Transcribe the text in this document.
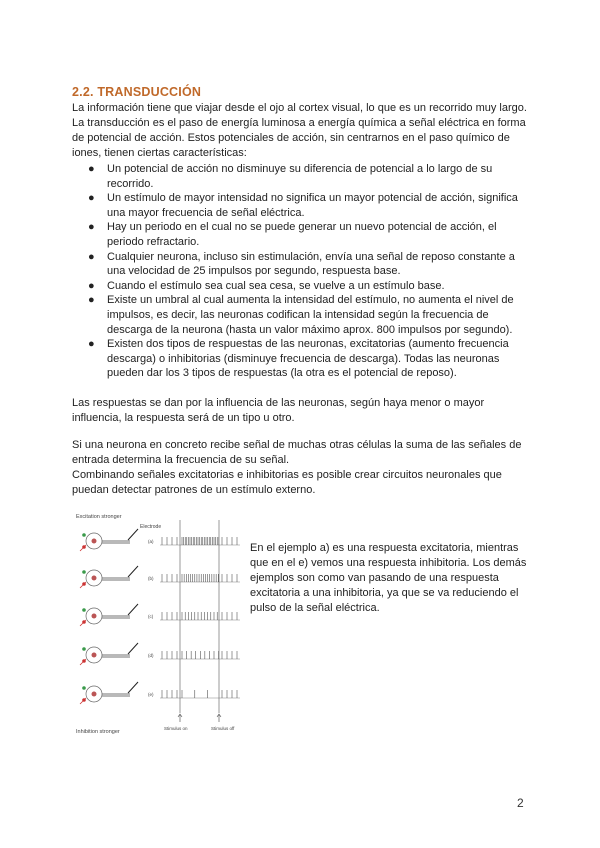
2.2. TRANSDUCCIÓN
La información tiene que viajar desde el ojo al cortex visual, lo que es un recorrido muy largo. La transducción es el paso de energía luminosa a energía química a señal eléctrica en forma de potencial de acción. Estos potenciales de acción, sin centrarnos en el paso químico de iones, tienen ciertas características:
● Un potencial de acción no disminuye su diferencia de potencial a lo largo de su recorrido.
● Un estímulo de mayor intensidad no significa un mayor potencial de acción, significa una mayor frecuencia de señal eléctrica.
● Hay un periodo en el cual no se puede generar un nuevo potencial de acción, el periodo refractario.
● Cualquier neurona, incluso sin estimulación, envía una señal de reposo constante a una velocidad de 25 impulsos por segundo, respuesta base.
● Cuando el estímulo sea cual sea cesa, se vuelve a un estímulo base.
● Existe un umbral al cual aumenta la intensidad del estímulo, no aumenta el nivel de impulsos, es decir, las neuronas codifican la intensidad según la frecuencia de descarga de la neurona (hasta un valor máximo aprox. 800 impulsos por segundo).
● Existen dos tipos de respuestas de las neuronas, excitatorias (aumento frecuencia descarga) o inhibitorias (disminuye frecuencia de descarga). Todas las neuronas pueden dar los 3 tipos de respuestas (la otra es el potencial de reposo).
Las respuestas se dan por la influencia de las neuronas, según haya menor o mayor influencia, la respuesta será de un tipo u otro.
Si una neurona en concreto recibe señal de muchas otras células la suma de las señales de entrada determina la frecuencia de su señal.
Combinando señales excitatorias e inhibitorias es posible crear circuitos neuronales que puedan detectar patrones de un estímulo externo.
Excitation stronger
Inhibition stronger
Electrode
Stimulus on	Stimulus off
(a)
(b)
(c)
(d)
(e)
En el ejemplo a) es una respuesta excitatoria, mientras que en el e) vemos una respuesta inhibitoria. Los demás ejemplos son como van pasando de una respuesta excitatoria a una inhibitoria, ya que se va reduciendo el pulso de la señal eléctrica.
2
